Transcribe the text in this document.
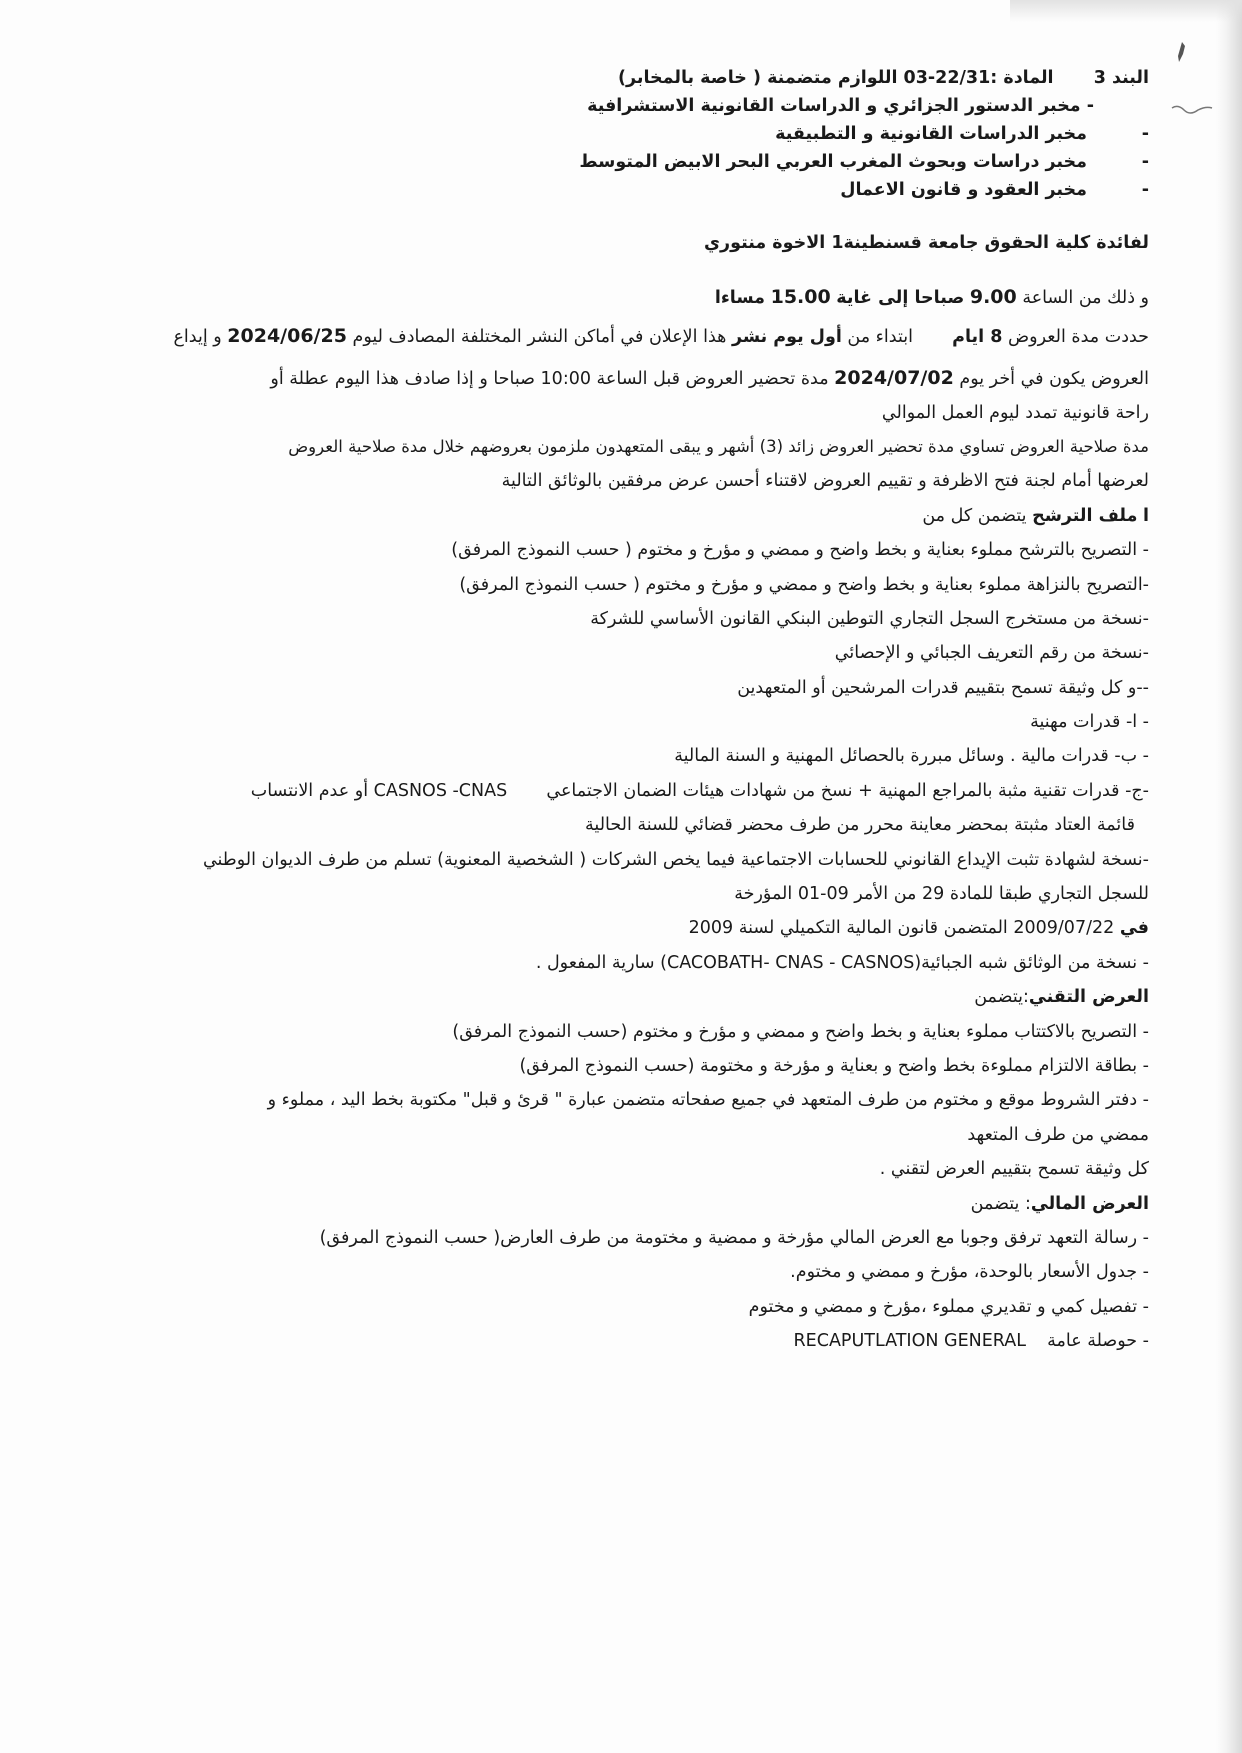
البند 3  المادة :22/31-03 اللوازم متضمنة ( خاصة بالمخابر)
- مخبر الدستور الجزائري و الدراسات القانونية الاستشرافية
-مخبر الدراسات القانونية و التطبيقية
-مخبر دراسات وبحوث المغرب العربي البحر الابيض المتوسط
-مخبر العقود و قانون الاعمال
لفائدة كلية الحقوق جامعة قسنطينة1 الاخوة منتوري
و ذلك من الساعة 9.00 صباحا إلى غاية 15.00 مساءا
حددت مدة العروض 8 ايام  ابتداء من أول يوم نشر هذا الإعلان في أماكن النشر المختلفة المصادف ليوم 2024/06/25 و إيداع
العروض يكون في أخر يوم 2024/07/02 مدة تحضير العروض قبل الساعة 10:00 صباحا و إذا صادف هذا اليوم عطلة أو
راحة قانونية تمدد ليوم العمل الموالي
مدة صلاحية العروض تساوي مدة تحضير العروض زائد (3) أشهر و يبقى المتعهدون ملزمون بعروضهم خلال مدة صلاحية العروض
لعرضها أمام لجنة فتح الاظرفة و تقييم العروض لاقتناء أحسن عرض مرفقين بالوثائق التالية
ا ملف الترشح يتضمن كل من
- التصريح بالترشح مملوء بعناية و بخط واضح و ممضي و مؤرخ و مختوم ( حسب النموذج المرفق)
-التصريح بالنزاهة مملوء بعناية و بخط واضح و ممضي و مؤرخ و مختوم ( حسب النموذج المرفق)
-نسخة من مستخرج السجل التجاري التوطين البنكي القانون الأساسي للشركة
-نسخة من رقم التعريف الجبائي و الإحصائي
--و كل وثيقة تسمح بتقييم قدرات المرشحين أو المتعهدين
- ا- قدرات مهنية
- ب- قدرات مالية . وسائل مبررة بالحصائل المهنية و السنة المالية
-ج- قدرات تقنية مثبة بالمراجع المهنية + نسخ من شهادات هيئات الضمان الاجتماعي  CASNOS -CNAS أو عدم الانتساب
قائمة العتاد مثبتة بمحضر معاينة محرر من طرف محضر قضائي للسنة الحالية
-نسخة لشهادة تثبت الإيداع القانوني للحسابات الاجتماعية فيما يخص الشركات ( الشخصية المعنوية) تسلم من طرف الديوان الوطني
للسجل التجاري طبقا للمادة 29 من الأمر 09-01 المؤرخة
في 2009/07/22 المتضمن قانون المالية التكميلي لسنة 2009
- نسخة من الوثائق شبه الجبائية(CACOBATH- CNAS - CASNOS) سارية المفعول .
العرض التقني:يتضمن
- التصريح بالاكتتاب مملوء بعناية و بخط واضح و ممضي و مؤرخ و مختوم (حسب النموذج المرفق)
- بطاقة الالتزام مملوءة بخط واضح و بعناية و مؤرخة و مختومة (حسب النموذج المرفق)
- دفتر الشروط موقع و مختوم من طرف المتعهد في جميع صفحاته متضمن عبارة " قرئ و قبل" مكتوبة بخط اليد ، مملوء و
ممضي من طرف المتعهد
كل وثيقة تسمح بتقييم العرض لتقني .
العرض المالي: يتضمن
- رسالة التعهد ترفق وجوبا مع العرض المالي مؤرخة و ممضية و مختومة من طرف العارض( حسب النموذج المرفق)
- جدول الأسعار بالوحدة، مؤرخ و ممضي و مختوم.
- تفصيل كمي و تقديري مملوء ،مؤرخ و ممضي و مختوم
- حوصلة عامة  RECAPUTLATION GENERAL
